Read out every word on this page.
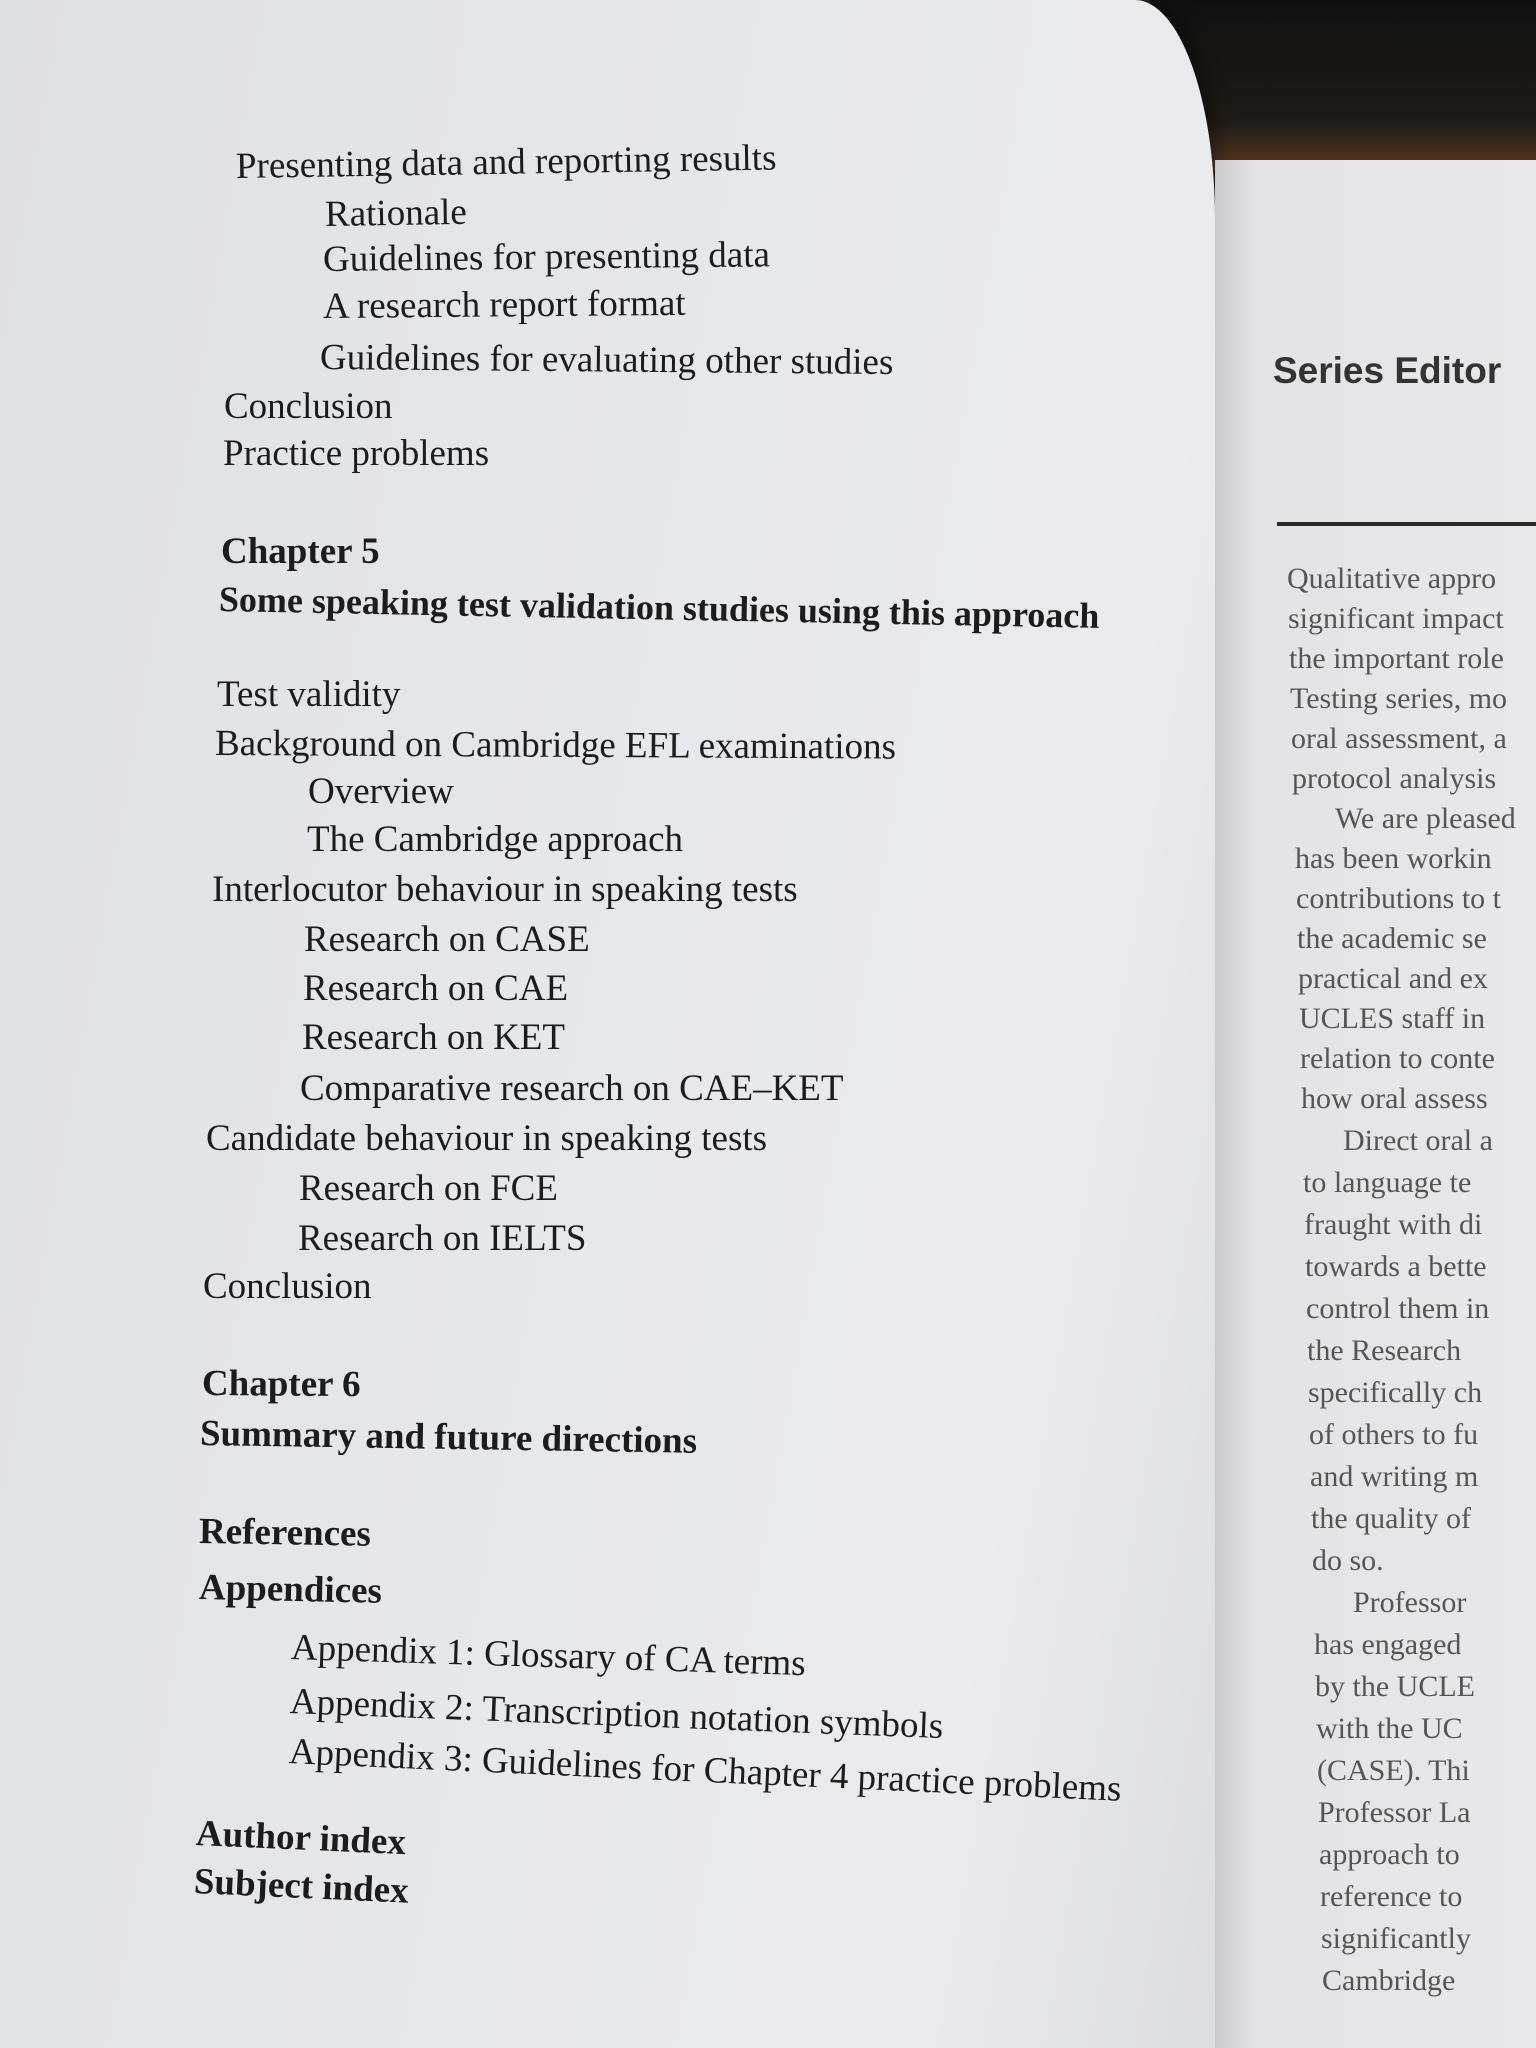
Presenting data and reporting results
Rationale
Guidelines for presenting data
A research report format
Guidelines for evaluating other studies
Conclusion
Practice problems
Chapter 5
Some speaking test validation studies using this approach
Test validity
Background on Cambridge EFL examinations
Overview
The Cambridge approach
Interlocutor behaviour in speaking tests
Research on CASE
Research on CAE
Research on KET
Comparative research on CAE–KET
Candidate behaviour in speaking tests
Research on FCE
Research on IELTS
Conclusion
Chapter 6
Summary and future directions
References
Appendices
Appendix 1: Glossary of CA terms
Appendix 2: Transcription notation symbols
Appendix 3: Guidelines for Chapter 4 practice problems
Author index
Subject index
Series Editor
Qualitative appro
significant impact
the important role
Testing series, mo
oral assessment, a
protocol analysis
We are pleased
has been workin
contributions to t
the academic se
practical and ex
UCLES staff in
relation to conte
how oral assess
Direct oral a
to language te
fraught with di
towards a bette
control them in
the Research
specifically ch
of others to fu
and writing m
the quality of
do so.
Professor
has engaged
by the UCLE
with the UC
(CASE). Thi
Professor La
approach to
reference to
significantly
Cambridge
